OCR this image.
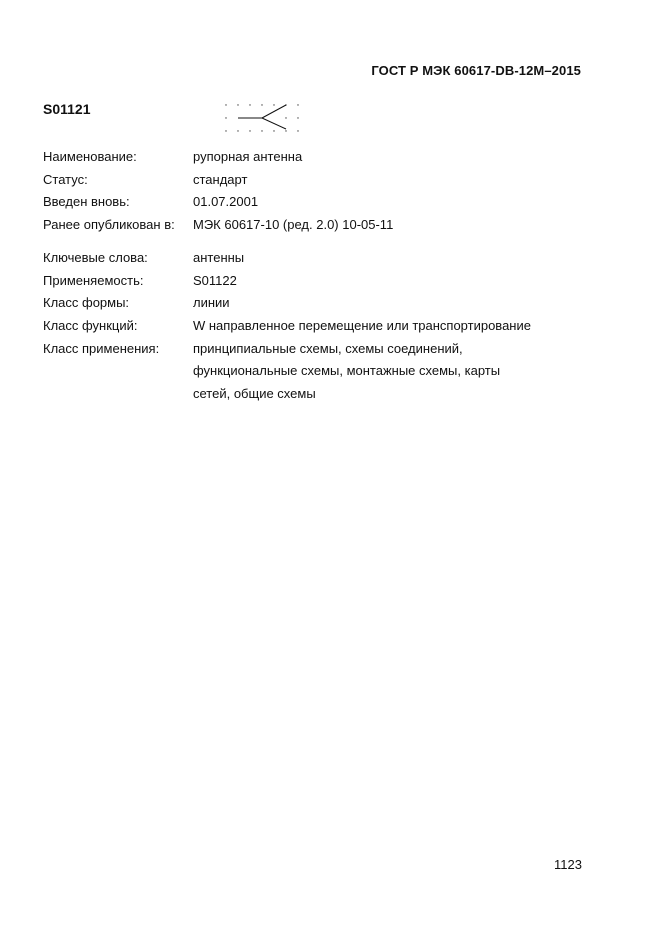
ГОСТ Р МЭК 60617-DB-12M–2015
S01121
Наименование:	рупорная антенна
Статус:	стандарт
Введен вновь:	01.07.2001
Ранее опубликован в:	МЭК 60617-10 (ред. 2.0) 10-05-11
Ключевые слова:	антенны
Применяемость:	S01122
Класс формы:	линии
Класс функций:	W направленное перемещение или транспортирование
Класс применения:	принципиальные схемы, схемы соединений,
функциональные схемы, монтажные схемы, карты
сетей, общие схемы
1123
